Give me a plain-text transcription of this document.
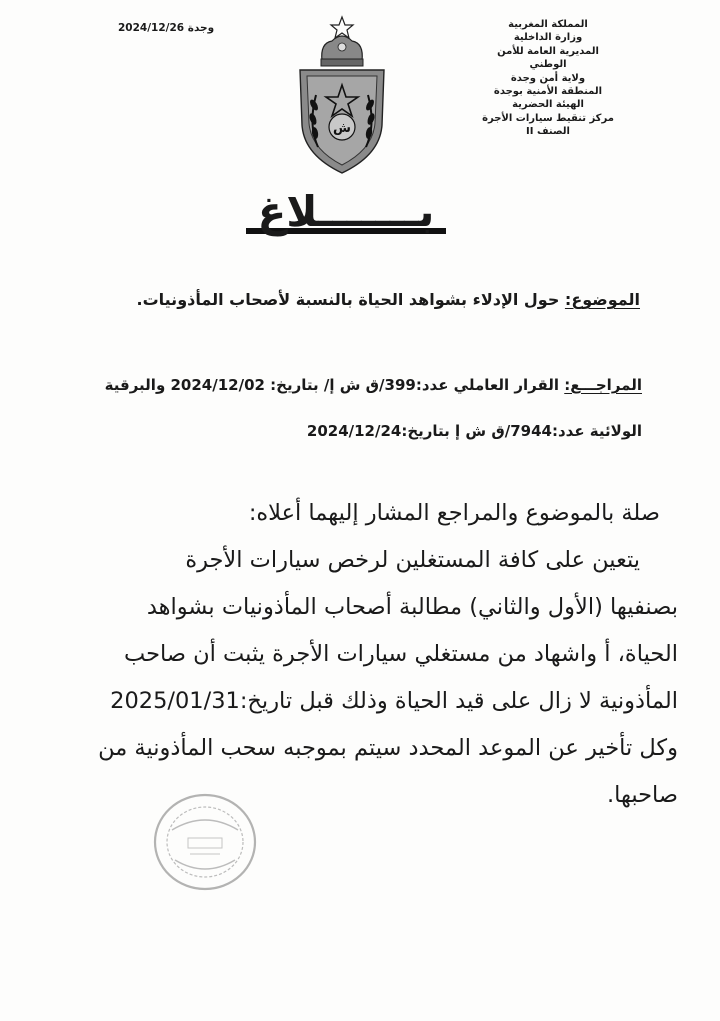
وجدة 2024/12/26	المملكة المغربية
وزارة الداخلية
المديرية العامة للأمن
الوطني
ولاية أمن وجدة
المنطقة الأمنية بوجدة
الهيئة الحضرية
مركز تنقيط سيارات الأجرة
الصنف II
ش
بـــــــلاغ
الموضوع: حول الإدلاء بشواهد الحياة بالنسبة لأصحاب المأذونيات.
المراجـــع: القرار العاملي عدد:399/ق ش إ/ بتاريخ: 2024/12/02 والبرقية
الولائية عدد:7944/ق ش إ بتاريخ:2024/12/24
صلة بالموضوع والمراجع المشار إليهما أعلاه:
يتعين على كافة المستغلين لرخص سيارات الأجرة
بصنفيها (الأول والثاني) مطالبة أصحاب المأذونيات بشواهد
الحياة، أ واشهاد من مستغلي سيارات الأجرة يثبت أن صاحب
المأذونية لا زال على قيد الحياة وذلك قبل تاريخ:2025/01/31
وكل تأخير عن الموعد المحدد سيتم بموجبه سحب المأذونية من
صاحبها.
